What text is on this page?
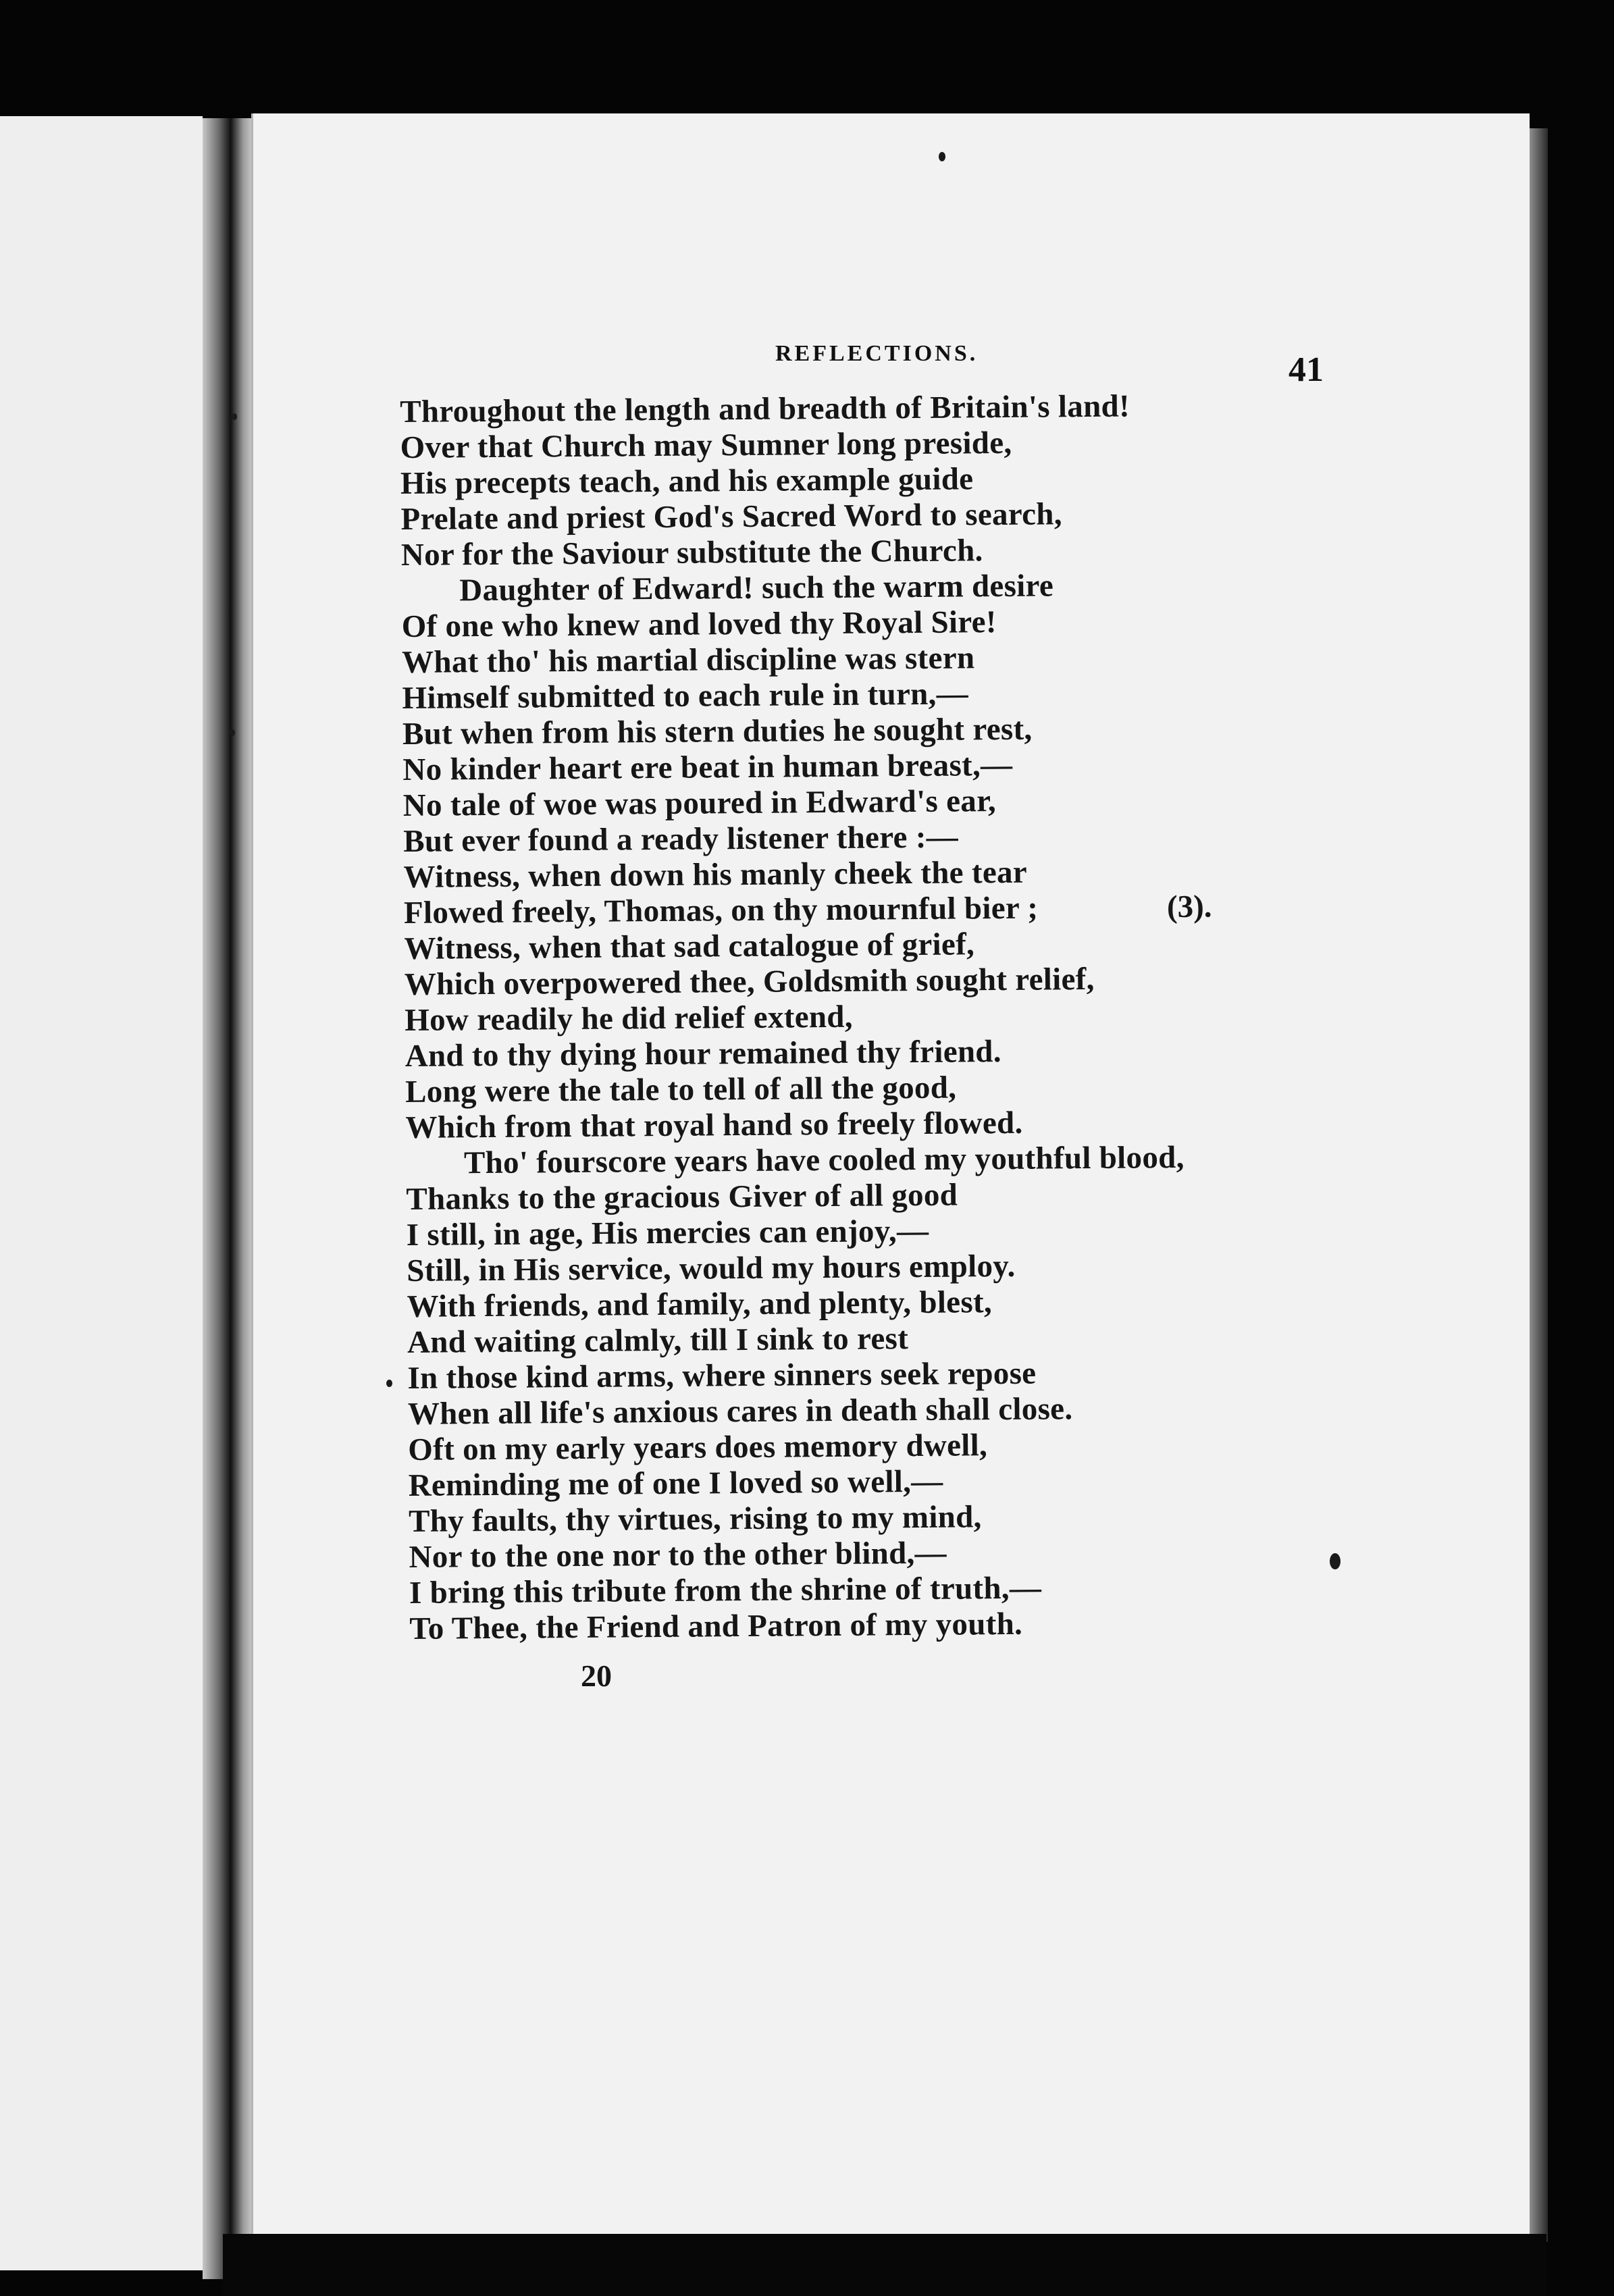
REFLECTIONS.	41
Throughout the length and breadth of Britain's land!
Over that Church may Sumner long preside,
His precepts teach, and his example guide
Prelate and priest God's Sacred Word to search,
Nor for the Saviour substitute the Church.
Daughter of Edward! such the warm desire
Of one who knew and loved thy Royal Sire!
What tho' his martial discipline was stern
Himself submitted to each rule in turn,—
But when from his stern duties he sought rest,
No kinder heart ere beat in human breast,—
No tale of woe was poured in Edward's ear,
But ever found a ready listener there :—
Witness, when down his manly cheek the tear
Flowed freely, Thomas, on thy mournful bier ;	(3).
Witness, when that sad catalogue of grief,
Which overpowered thee, Goldsmith sought relief,
How readily he did relief extend,
And to thy dying hour remained thy friend.
Long were the tale to tell of all the good,
Which from that royal hand so freely flowed.
Tho' fourscore years have cooled my youthful blood,
Thanks to the gracious Giver of all good
I still, in age, His mercies can enjoy,—
Still, in His service, would my hours employ.
With friends, and family, and plenty, blest,
And waiting calmly, till I sink to rest
In those kind arms, where sinners seek repose
When all life's anxious cares in death shall close.
Oft on my early years does memory dwell,
Reminding me of one I loved so well,—
Thy faults, thy virtues, rising to my mind,
Nor to the one nor to the other blind,—
I bring this tribute from the shrine of truth,—
To Thee, the Friend and Patron of my youth.
20
